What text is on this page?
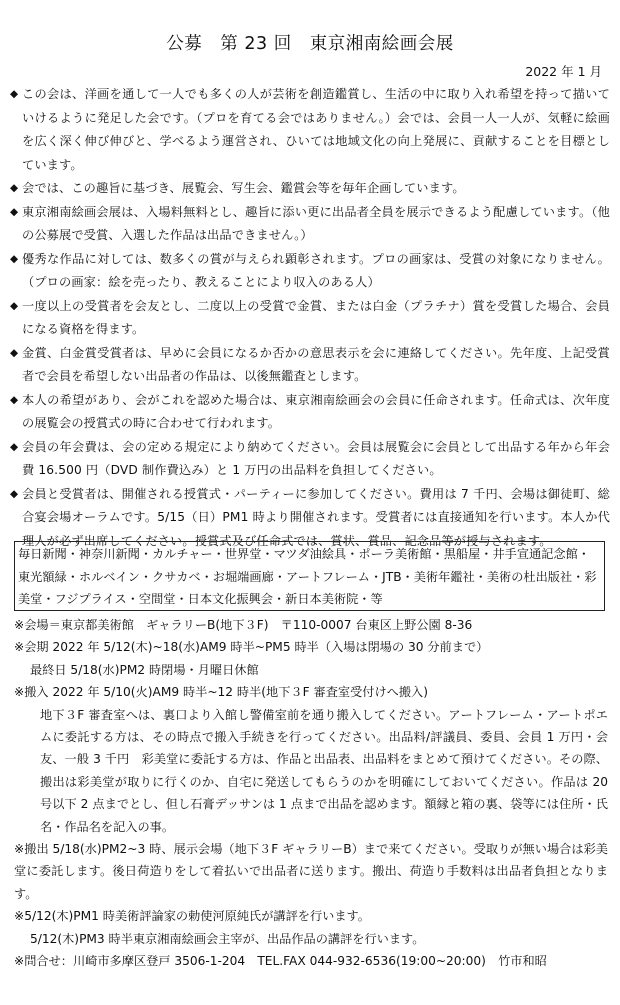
公募　第 23 回　東京湘南絵画会展
2022 年 1 月
◆ この会は、洋画を通して一人でも多くの人が芸術を創造鑑賞し、生活の中に取り入れ希望を持って描いていけるように発足した会です。（プロを育てる会ではありません。）会では、会員一人一人が、気軽に絵画を広く深く伸び伸びと、学べるよう運営され、ひいては地域文化の向上発展に、貢献することを目標としています。
◆ 会では、この趣旨に基づき、展覧会、写生会、鑑賞会等を毎年企画しています。
◆ 東京湘南絵画会展は、入場料無料とし、趣旨に添い更に出品者全員を展示できるよう配慮しています。（他の公募展で受賞、入選した作品は出品できません。）
◆ 優秀な作品に対しては、数多くの賞が与えられ顕彰されます。プロの画家は、受賞の対象になりません。（プロの画家：絵を売ったり、教えることにより収入のある人）
◆ 一度以上の受賞者を会友とし、二度以上の受賞で金賞、または白金（プラチナ）賞を受賞した場合、会員になる資格を得ます。
◆ 金賞、白金賞受賞者は、早めに会員になるか否かの意思表示を会に連絡してください。先年度、上記受賞者で会員を希望しない出品者の作品は、以後無鑑査とします。
◆ 本人の希望があり、会がこれを認めた場合は、東京湘南絵画会の会員に任命されます。任命式は、次年度の展覧会の授賞式の時に合わせて行われます。
◆ 会員の年会費は、会の定める規定により納めてください。会員は展覧会に会員として出品する年から年会費 16.500 円（DVD 制作費込み）と 1 万円の出品料を負担してください。
◆ 会員と受賞者は、開催される授賞式・パーティーに参加してください。費用は 7 千円、会場は御徒町、総合宴会場オーラムです。5/15（日）PM1 時より開催されます。受賞者には直接通知を行います。本人か代理人が必ず出席してください。授賞式及び任命式では、賞状、賞品、記念品等が授与されます。
毎日新聞・神奈川新聞・カルチャー・世界堂・マツダ油絵具・ポーラ美術館・黒船屋・井手宣通記念館・東光額緑・ホルベイン・クサカベ・お堀端画廊・アートフレーム・JTB・美術年鑑社・美術の杜出版社・彩美堂・フジプライス・空間堂・日本文化振興会・新日本美術院・等
※会場＝東京都美術館　ギャラリーB(地下３F)　〒110-0007 台東区上野公園 8-36
※会期 2022 年 5/12(木)~18(水)AM9 時半~PM5 時半（入場は閉場の 30 分前まで）
最終日 5/18(水)PM2 時閉場・月曜日休館
※搬入 2022 年 5/10(火)AM9 時半~12 時半(地下３F 審査室受付けへ搬入)
地下３F 審査室へは、裏口より入館し警備室前を通り搬入してください。アートフレーム・アートポエムに委託する方は、その時点で搬入手続きを行ってください。出品料/評議員、委員、会員 1 万円・会友、一般 3 千円　彩美堂に委託する方は、作品と出品表、出品料をまとめて預けてください。その際、搬出は彩美堂が取りに行くのか、自宅に発送してもらうのかを明確にしておいてください。作品は 20 号以下 2 点までとし、但し石膏デッサンは 1 点まで出品を認めます。額縁と箱の裏、袋等には住所・氏名・作品名を記入の事。
※搬出 5/18(水)PM2~3 時、展示会場（地下３F ギャラリーB）まで来てください。受取りが無い場合は彩美堂に委託します。後日荷造りをして着払いで出品者に送ります。搬出、荷造り手数料は出品者負担となります。
※5/12(木)PM1 時美術評論家の勅使河原純氏が講評を行います。
5/12(木)PM3 時半東京湘南絵画会主宰が、出品作品の講評を行います。
※問合せ：川崎市多摩区登戸 3506-1-204　TEL.FAX 044-932-6536(19:00~20:00)　竹市和昭
